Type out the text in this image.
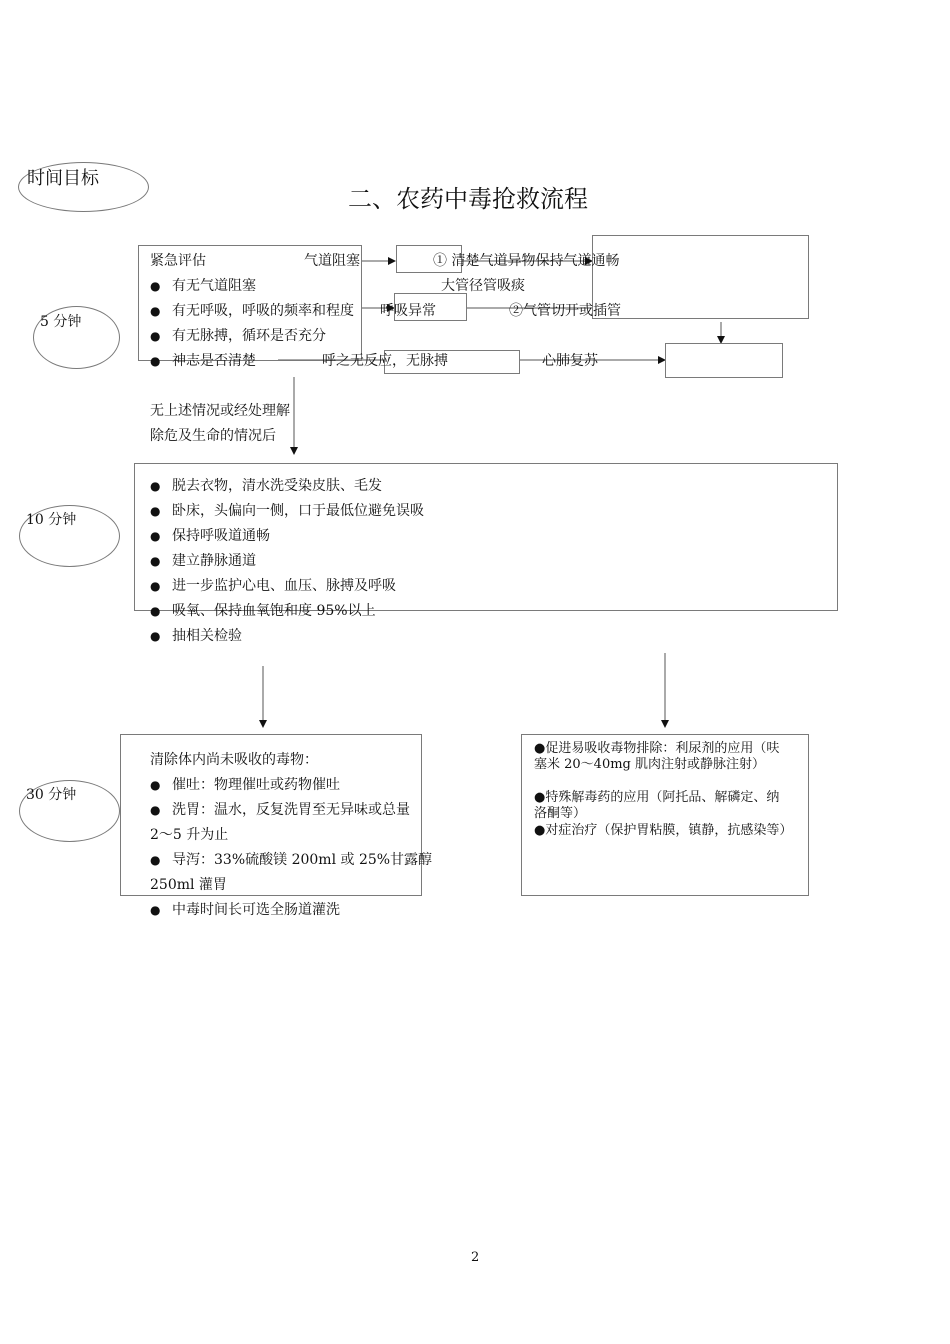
时间目标
二、农药中毒抢救流程
5 分钟
10 分钟
30 分钟
紧急评估
● 有无气道阻塞
● 有无呼吸，呼吸的频率和程度
● 有无脉搏，循环是否充分
● 神志是否清楚
气道阻塞	① 清楚气道异物保持气道通畅
大管径管吸痰
呼吸异常	②气管切开或插管
呼之无反应，无脉搏	心肺复苏
无上述情况或经处理解
除危及生命的情况后
● 脱去衣物，清水洗受染皮肤、毛发
● 卧床，头偏向一侧，口于最低位避免误吸
● 保持呼吸道通畅
● 建立静脉通道
● 进一步监护心电、血压、脉搏及呼吸
● 吸氧、保持血氧饱和度 95%以上
● 抽相关检验
清除体内尚未吸收的毒物：
● 催吐：物理催吐或药物催吐
● 洗胃：温水，反复洗胃至无异味或总量
2～5 升为止
● 导泻：33%硫酸镁 200ml 或 25%甘露醇
250ml 灌胃
● 中毒时间长可选全肠道灌洗
●促进易吸收毒物排除：利尿剂的应用（呋塞米 20～40mg 肌肉注射或静脉注射）
●特殊解毒药的应用（阿托品、解磷定、纳洛酮等）
●对症治疗（保护胃粘膜，镇静，抗感染等）
2
